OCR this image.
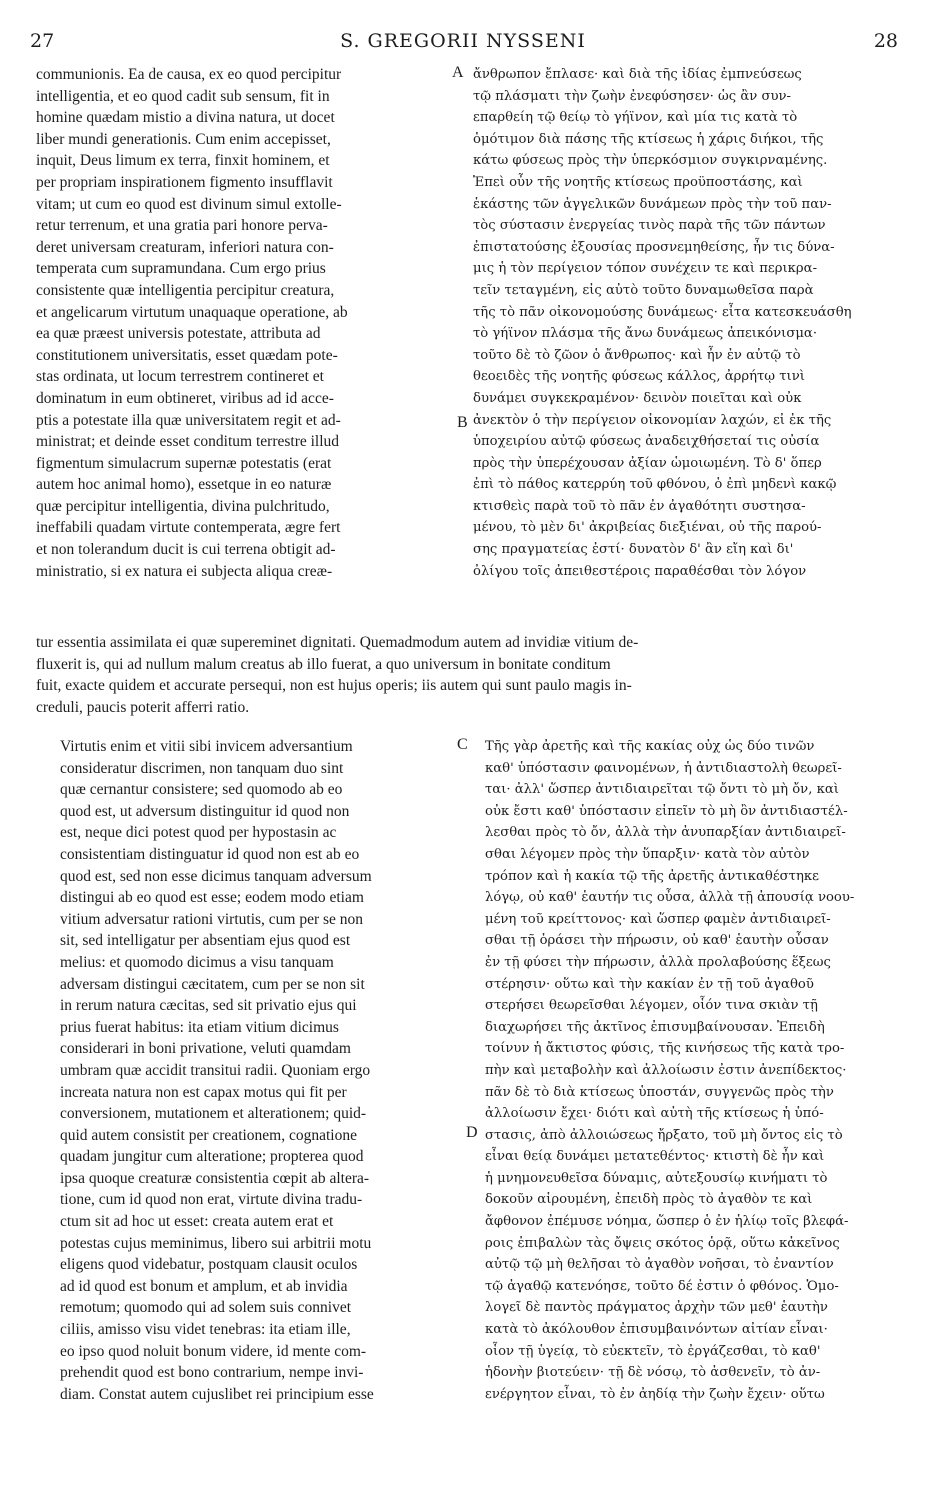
27	S. GREGORII NYSSENI	28
A
B
C
D
communionis. Ea de causa, ex eo quod percipitur
intelligentia, et eo quod cadit sub sensum, fit in
homine quædam mistio a divina natura, ut docet
liber mundi generationis. Cum enim accepisset,
inquit, Deus limum ex terra, finxit hominem, et
per propriam inspirationem figmento insufflavit
vitam; ut cum eo quod est divinum simul extolle-
retur terrenum, et una gratia pari honore perva-
deret universam creaturam, inferiori natura con-
temperata cum supramundana. Cum ergo prius
consistente quæ intelligentia percipitur creatura,
et angelicarum virtutum unaquaque operatione, ab
ea quæ præest universis potestate, attributa ad
constitutionem universitatis, esset quædam pote-
stas ordinata, ut locum terrestrem contineret et
dominatum in eum obtineret, viribus ad id acce-
ptis a potestate illa quæ universitatem regit et ad-
ministrat; et deinde esset conditum terrestre illud
figmentum simulacrum supernæ potestatis (erat
autem hoc animal homo), essetque in eo naturæ
quæ percipitur intelligentia, divina pulchritudo,
ineffabili quadam virtute contemperata, ægre fert
et non tolerandum ducit is cui terrena obtigit ad-
ministratio, si ex natura ei subjecta aliqua creæ-
ἄνθρωπον ἔπλασε· καὶ διὰ τῆς ἰδίας ἐμπνεύσεως
τῷ πλάσματι τὴν ζωὴν ἐνεφύσησεν· ὡς ἂν συν-
επαρθείη τῷ θείῳ τὸ γήϊνον, καὶ μία τις κατὰ τὸ
ὁμότιμον διὰ πάσης τῆς κτίσεως ἡ χάρις διήκοι, τῆς
κάτω φύσεως πρὸς τὴν ὑπερκόσμιον συγκιρναμένης.
Ἐπεὶ οὖν τῆς νοητῆς κτίσεως προϋποστάσης, καὶ
ἑκάστης τῶν ἀγγελικῶν δυνάμεων πρὸς τὴν τοῦ παν-
τὸς σύστασιν ἐνεργείας τινὸς παρὰ τῆς τῶν πάντων
ἐπιστατούσης ἐξουσίας προσνεμηθείσης, ἦν τις δύνα-
μις ἡ τὸν περίγειον τόπον συνέχειν τε καὶ περικρα-
τεῖν τεταγμένη, εἰς αὐτὸ τοῦτο δυναμωθεῖσα παρὰ
τῆς τὸ πᾶν οἰκονομούσης δυνάμεως· εἶτα κατεσκευάσθη
τὸ γήϊνον πλάσμα τῆς ἄνω δυνάμεως ἀπεικόνισμα·
τοῦτο δὲ τὸ ζῶον ὁ ἄνθρωπος· καὶ ἦν ἐν αὐτῷ τὸ
θεοειδὲς τῆς νοητῆς φύσεως κάλλος, ἀρρήτῳ τινὶ
δυνάμει συγκεκραμένον· δεινὸν ποιεῖται καὶ οὐκ
ἀνεκτὸν ὁ τὴν περίγειον οἰκονομίαν λαχών, εἰ ἐκ τῆς
ὑποχειρίου αὐτῷ φύσεως ἀναδειχθήσεταί τις οὐσία
πρὸς τὴν ὑπερέχουσαν ἀξίαν ὡμοιωμένη. Τὸ δ' ὅπερ
ἐπὶ τὸ πάθος κατερρύη τοῦ φθόνου, ὁ ἐπὶ μηδενὶ κακῷ
κτισθεὶς παρὰ τοῦ τὸ πᾶν ἐν ἀγαθότητι συστησα-
μένου, τὸ μὲν δι' ἀκριβείας διεξιέναι, οὐ τῆς παρού-
σης πραγματείας ἐστί· δυνατὸν δ' ἂν εἴη καὶ δι'
ὀλίγου τοῖς ἀπειθεστέροις παραθέσθαι τὸν λόγον
tur essentia assimilata ei quæ supereminet dignitati. Quemadmodum autem ad invidiæ vitium de-
fluxerit is, qui ad nullum malum creatus ab illo fuerat, a quo universum in bonitate conditum
fuit, exacte quidem et accurate persequi, non est hujus operis; iis autem qui sunt paulo magis in-
creduli, paucis poterit afferri ratio.
Virtutis enim et vitii sibi invicem adversantium
consideratur discrimen, non tanquam duo sint
quæ cernantur consistere; sed quomodo ab eo
quod est, ut adversum distinguitur id quod non
est, neque dici potest quod per hypostasin ac
consistentiam distinguatur id quod non est ab eo
quod est, sed non esse dicimus tanquam adversum
distingui ab eo quod est esse; eodem modo etiam
vitium adversatur rationi virtutis, cum per se non
sit, sed intelligatur per absentiam ejus quod est
melius: et quomodo dicimus a visu tanquam
adversam distingui cæcitatem, cum per se non sit
in rerum natura cæcitas, sed sit privatio ejus qui
prius fuerat habitus: ita etiam vitium dicimus
considerari in boni privatione, veluti quamdam
umbram quæ accidit transitui radii. Quoniam ergo
increata natura non est capax motus qui fit per
conversionem, mutationem et alterationem; quid-
quid autem consistit per creationem, cognatione
quadam jungitur cum alteratione; propterea quod
ipsa quoque creaturæ consistentia cœpit ab altera-
tione, cum id quod non erat, virtute divina tradu-
ctum sit ad hoc ut esset: creata autem erat et
potestas cujus meminimus, libero sui arbitrii motu
eligens quod videbatur, postquam clausit oculos
ad id quod est bonum et amplum, et ab invidia
remotum; quomodo qui ad solem suis connivet
ciliis, amisso visu videt tenebras: ita etiam ille,
eo ipso quod noluit bonum videre, id mente com-
prehendit quod est bono contrarium, nempe invi-
diam. Constat autem cujuslibet rei principium esse
Τῆς γὰρ ἀρετῆς καὶ τῆς κακίας οὐχ ὡς δύο τινῶν
καθ' ὑπόστασιν φαινομένων, ἡ ἀντιδιαστολὴ θεωρεῖ-
ται· ἀλλ' ὥσπερ ἀντιδιαιρεῖται τῷ ὄντι τὸ μὴ ὄν, καὶ
οὐκ ἔστι καθ' ὑπόστασιν εἰπεῖν τὸ μὴ ὂν ἀντιδιαστέλ-
λεσθαι πρὸς τὸ ὄν, ἀλλὰ τὴν ἀνυπαρξίαν ἀντιδιαιρεῖ-
σθαι λέγομεν πρὸς τὴν ὕπαρξιν· κατὰ τὸν αὐτὸν
τρόπον καὶ ἡ κακία τῷ τῆς ἀρετῆς ἀντικαθέστηκε
λόγῳ, οὐ καθ' ἑαυτήν τις οὖσα, ἀλλὰ τῇ ἀπουσίᾳ νοου-
μένη τοῦ κρείττονος· καὶ ὥσπερ φαμὲν ἀντιδιαιρεῖ-
σθαι τῇ ὁράσει τὴν πήρωσιν, οὐ καθ' ἑαυτὴν οὖσαν
ἐν τῇ φύσει τὴν πήρωσιν, ἀλλὰ προλαβούσης ἕξεως
στέρησιν· οὕτω καὶ τὴν κακίαν ἐν τῇ τοῦ ἀγαθοῦ
στερήσει θεωρεῖσθαι λέγομεν, οἷόν τινα σκιὰν τῇ
διαχωρήσει τῆς ἀκτῖνος ἐπισυμβαίνουσαν. Ἐπειδὴ
τοίνυν ἡ ἄκτιστος φύσις, τῆς κινήσεως τῆς κατὰ τρο-
πὴν καὶ μεταβολὴν καὶ ἀλλοίωσιν ἐστιν ἀνεπίδεκτος·
πᾶν δὲ τὸ διὰ κτίσεως ὑποστάν, συγγενῶς πρὸς τὴν
ἀλλοίωσιν ἔχει· διότι καὶ αὐτὴ τῆς κτίσεως ἡ ὑπό-
στασις, ἀπὸ ἀλλοιώσεως ἤρξατο, τοῦ μὴ ὄντος εἰς τὸ
εἶναι θείᾳ δυνάμει μετατεθέντος· κτιστὴ δὲ ἦν καὶ
ἡ μνημονευθεῖσα δύναμις, αὐτεξουσίῳ κινήματι τὸ
δοκοῦν αἱρουμένη, ἐπειδὴ πρὸς τὸ ἀγαθὸν τε καὶ
ἄφθονον ἐπέμυσε νόημα, ὥσπερ ὁ ἐν ἡλίῳ τοῖς βλεφά-
ροις ἐπιβαλὼν τὰς ὄψεις σκότος ὁρᾷ, οὕτω κἀκεῖνος
αὐτῷ τῷ μὴ θελῆσαι τὸ ἀγαθὸν νοῆσαι, τὸ ἐναντίον
τῷ ἀγαθῷ κατενόησε, τοῦτο δέ ἐστιν ὁ φθόνος. Ὁμο-
λογεῖ δὲ παντὸς πράγματος ἀρχὴν τῶν μεθ' ἑαυτὴν
κατὰ τὸ ἀκόλουθον ἐπισυμβαινόντων αἰτίαν εἶναι·
οἷον τῇ ὑγείᾳ, τὸ εὐεκτεῖν, τὸ ἐργάζεσθαι, τὸ καθ'
ἡδονὴν βιοτεύειν· τῇ δὲ νόσῳ, τὸ ἀσθενεῖν, τὸ ἀν-
ενέργητον εἶναι, τὸ ἐν ἀηδίᾳ τὴν ζωὴν ἔχειν· οὕτω
